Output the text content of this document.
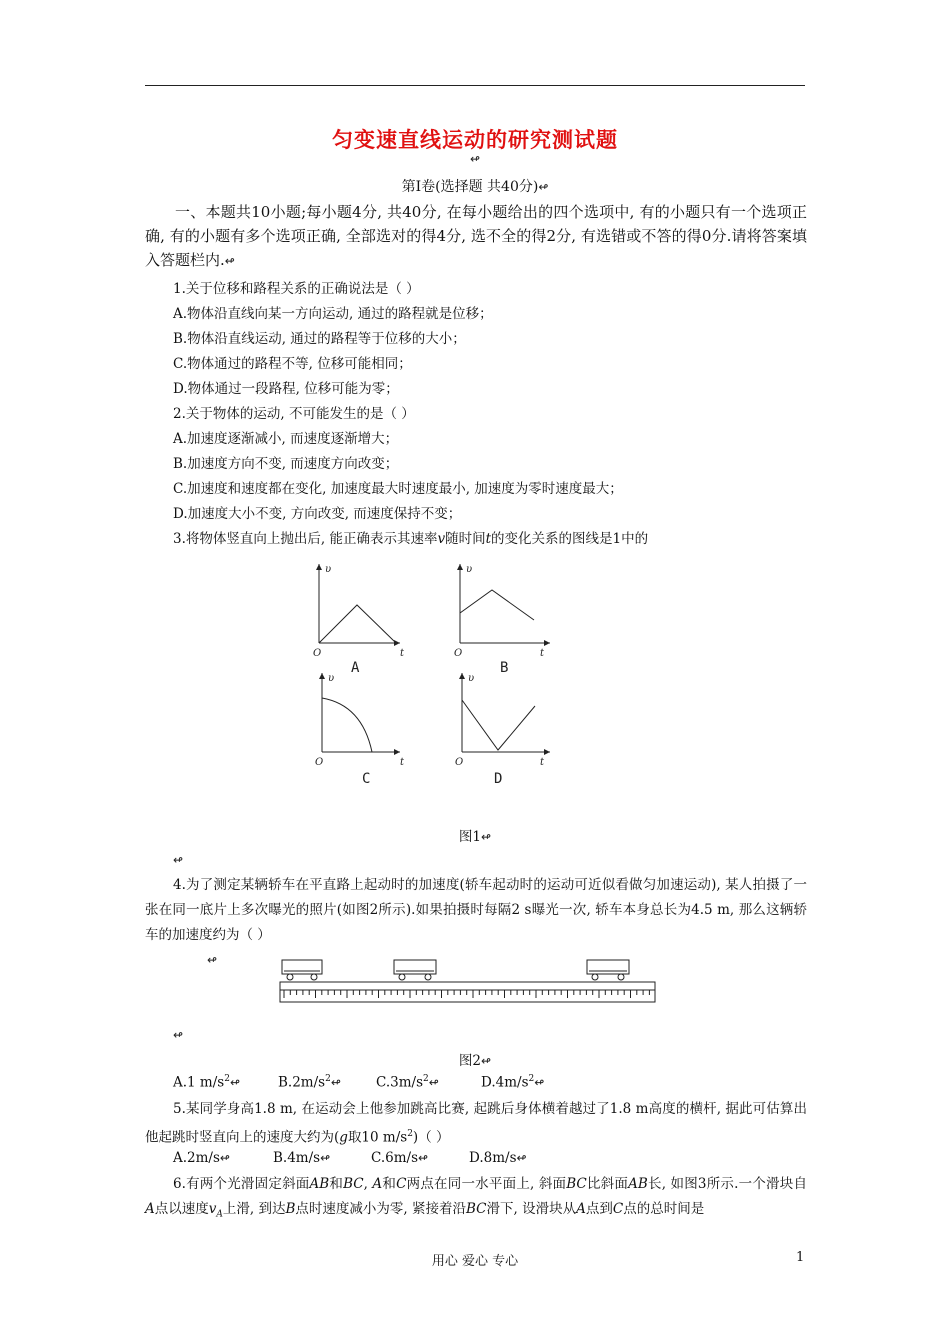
匀变速直线运动的研究测试题
↫
第Ⅰ卷(选择题 共40分)↫
一、本题共10小题;每小题4分, 共40分, 在每小题给出的四个选项中, 有的小题只有一个选项正确, 有的小题有多个选项正确, 全部选对的得4分, 选不全的得2分, 有选错或不答的得0分.请将答案填入答题栏内.↫
1.关于位移和路程关系的正确说法是（ ）
A.物体沿直线向某一方向运动, 通过的路程就是位移；
B.物体沿直线运动, 通过的路程等于位移的大小；
C.物体通过的路程不等, 位移可能相同；
D.物体通过一段路程, 位移可能为零；
2.关于物体的运动, 不可能发生的是（ ）
A.加速度逐渐减小, 而速度逐渐增大；
B.加速度方向不变, 而速度方向改变；
C.加速度和速度都在变化, 加速度最大时速度最小, 加速度为零时速度最大；
D.加速度大小不变, 方向改变, 而速度保持不变；
3.将物体竖直向上抛出后, 能正确表示其速率v随时间t的变化关系的图线是1中的
υ
t
O
υ
t
O
υ
t
O
υ
t
O
A	B
C	D
图1↫
↫
4.为了测定某辆轿车在平直路上起动时的加速度(轿车起动时的运动可近似看做匀加速运动), 某人拍摄了一张在同一底片上多次曝光的照片(如图2所示).如果拍摄时每隔2 s曝光一次, 轿车本身总长为4.5 m, 那么这辆轿车的加速度约为（ ）
↫
↫
图2↫
A.1 $m/s^2↫$	$B.2m/s^2↫$	$C.3m/s^2↫$	$D.4m/s^2↫$
5.某同学身高1.8 m, 在运动会上他参加跳高比赛, 起跳后身体横着越过了1.8 m高度的横杆, 据此可估算出他起跳时竖直向上的速度大约为(g取10 $m/s^2$)（ ）
A.2m/s↫	B.4m/s↫	C.6m/s↫	D.8m/s↫
6.有两个光滑固定斜面AB和BC, A和C两点在同一水平面上, 斜面BC比斜面AB长, 如图3所示.一个滑块自A点以速度$v_A$上滑, 到达B点时速度减小为零, 紧接着沿BC滑下, 设滑块从A点到C点的总时间是
用心 爱心 专心	1
